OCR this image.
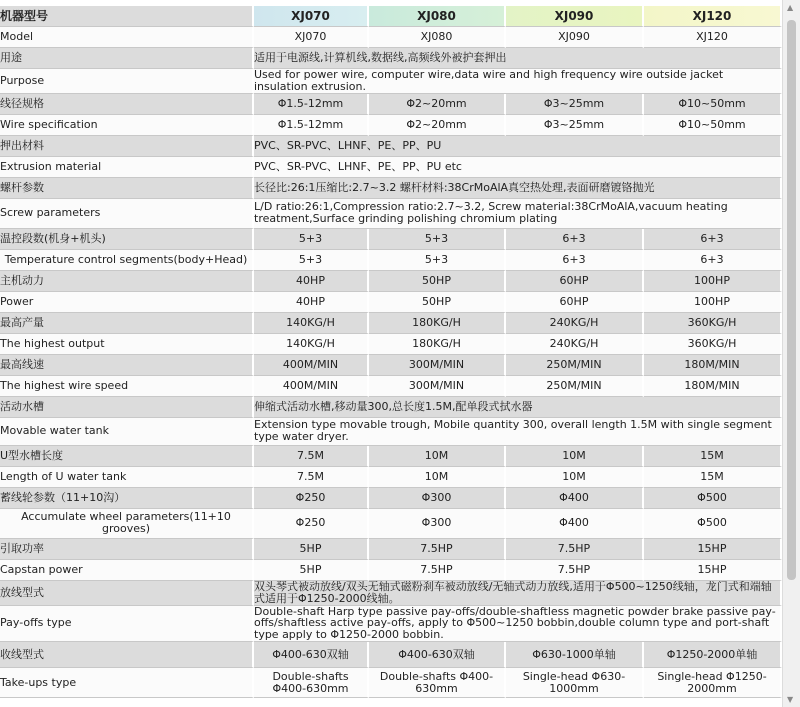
机器型号	XJ070	XJ080	XJ090	XJ120
Model	XJ070	XJ080	XJ090	XJ120
用途	适用于电源线,计算机线,数据线,高频线外被护套押出			
Purpose	Used for power wire, computer wire,data wire and high frequency wire outside jacket insulation extrusion.			
线径规格	Φ1.5-12mm	Φ2~20mm	Φ3~25mm	Φ10~50mm
Wire specification	Φ1.5-12mm	Φ2~20mm	Φ3~25mm	Φ10~50mm
押出材料	PVC、SR-PVC、LHNF、PE、PP、PU			
Extrusion material	PVC、SR-PVC、LHNF、PE、PP、PU etc			
螺杆参数	长径比:26:1压缩比:2.7~3.2 螺杆材料:38CrMoAlA真空热处理,表面研磨镀铬抛光			
Screw parameters	L/D ratio:26:1,Compression ratio:2.7~3.2, Screw material:38CrMoAlA,vacuum heating treatment,Surface grinding polishing chromium plating			
温控段数(机身+机头)	5+3	5+3	6+3	6+3
Temperature control segments(body+Head)	5+3	5+3	6+3	6+3
主机动力	40HP	50HP	60HP	100HP
Power	40HP	50HP	60HP	100HP
最高产量	140KG/H	180KG/H	240KG/H	360KG/H
The highest output	140KG/H	180KG/H	240KG/H	360KG/H
最高线速	400M/MIN	300M/MIN	250M/MIN	180M/MIN
The highest wire speed	400M/MIN	300M/MIN	250M/MIN	180M/MIN
活动水槽	伸缩式活动水槽,移动量300,总长度1.5M,配单段式拭水器			
Movable water tank	Extension type movable trough, Mobile quantity 300, overall length 1.5M with single segment type water dryer.			
U型水槽长度	7.5M	10M	10M	15M
Length of U water tank	7.5M	10M	10M	15M
蓄线轮参数（11+10沟）	Φ250	Φ300	Φ400	Φ500
Accumulate wheel parameters(11+10 grooves)	Φ250	Φ300	Φ400	Φ500
引取功率	5HP	7.5HP	7.5HP	15HP
Capstan power	5HP	7.5HP	7.5HP	15HP
放线型式	双头琴式被动放线/双头无轴式磁粉刹车被动放线/无轴式动力放线,适用于Φ500~1250线轴，龙门式和端轴式适用于Φ1250-2000线轴。			
Pay-offs type	Double-shaft Harp type passive pay-offs/double-shaftless magnetic powder brake passive pay-offs/shaftless active pay-offs, apply to Φ500~1250 bobbin,double column type and port-shaft type apply to Φ1250-2000 bobbin.			
收线型式	Φ400-630双轴	Φ400-630双轴	Φ630-1000单轴	Φ1250-2000单轴
Take-ups type	Double-shafts Φ400-630mm	Double-shafts Φ400-630mm	Single-head Φ630-1000mm	Single-head Φ1250-2000mm
▲
▼
